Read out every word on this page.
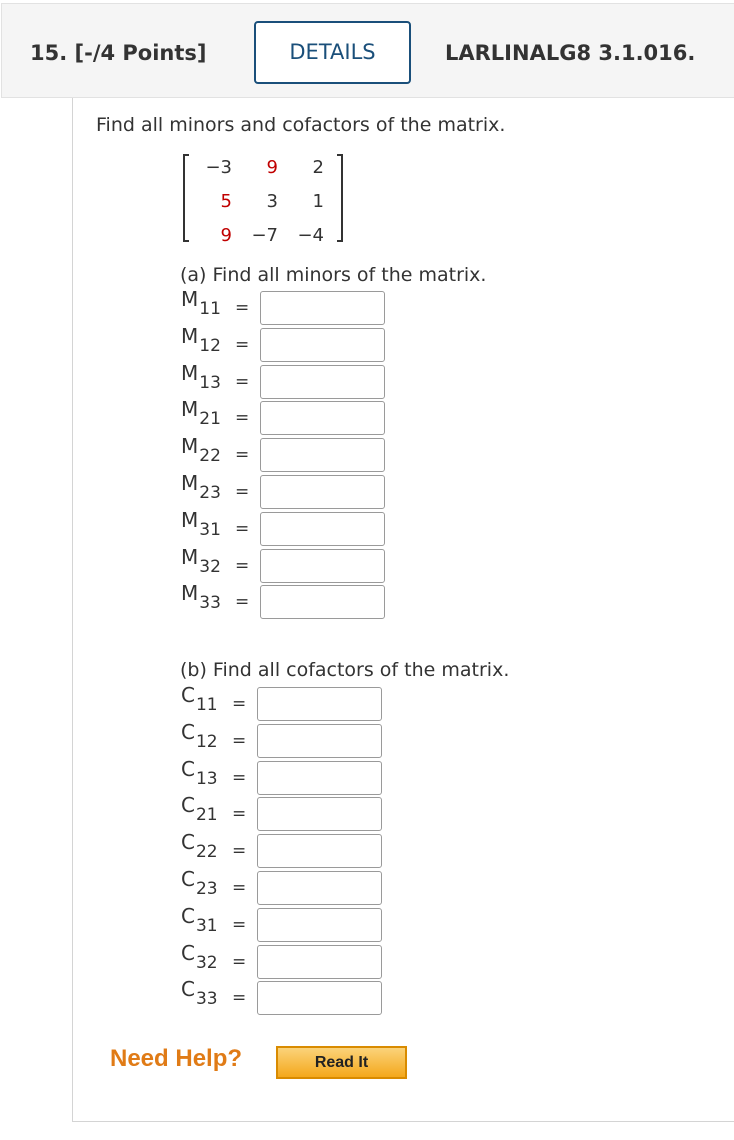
15. [-/4 Points]	DETAILS	LARLINALG8 3.1.016.
Find all minors and cofactors of the matrix.
−3	9	2
5	3	1
9	−7	−4
(a) Find all minors of the matrix.
$M_{11}$ =
$M_{12}$ =
$M_{13}$ =
$M_{21}$ =
$M_{22}$ =
$M_{23}$ =
$M_{31}$ =
$M_{32}$ =
$M_{33}$ =
(b) Find all cofactors of the matrix.
$C_{11}$ =
$C_{12}$ =
$C_{13}$ =
$C_{21}$ =
$C_{22}$ =
$C_{23}$ =
$C_{31}$ =
$C_{32}$ =
$C_{33}$ =
Need Help?	Read It
